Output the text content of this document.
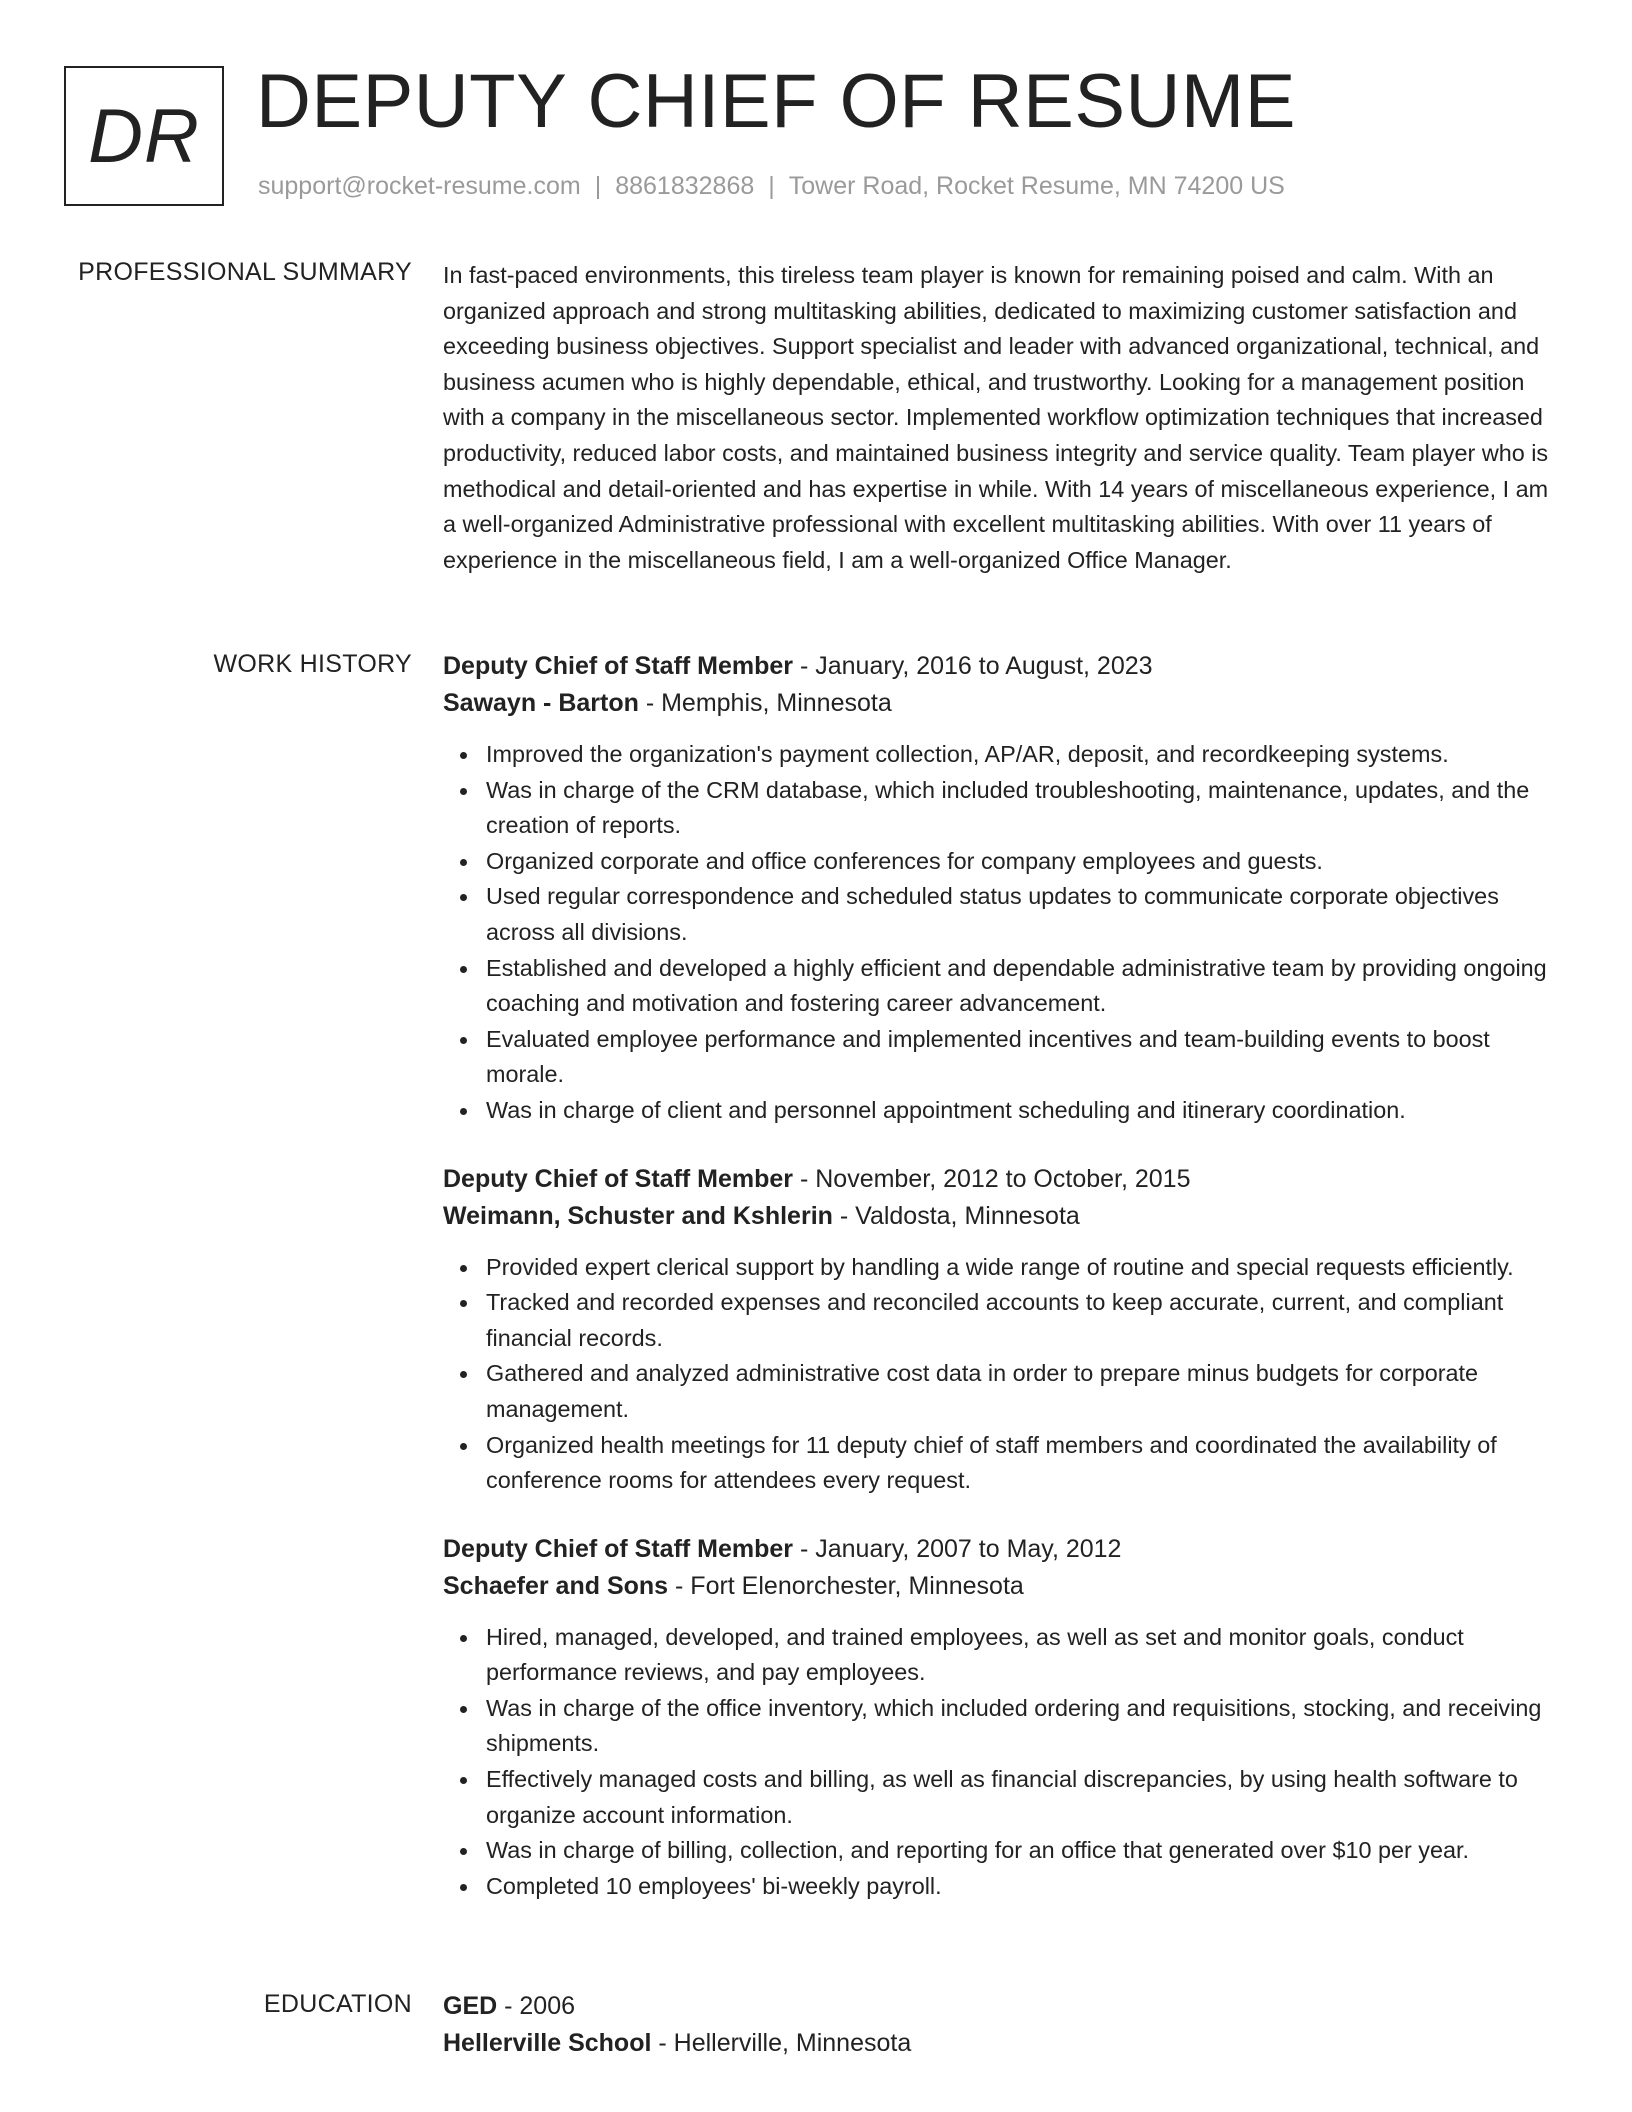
DR DEPUTY CHIEF OF RESUME
support@rocket-resume.com | 8861832868 | Tower Road, Rocket Resume, MN 74200 US
PROFESSIONAL SUMMARY In fast-paced environments, this tireless team player is known for remaining poised and calm. With an organized approach and strong multitasking abilities, dedicated to maximizing customer satisfaction and exceeding business objectives. Support specialist and leader with advanced organizational, technical, and business acumen who is highly dependable, ethical, and trustworthy. Looking for a management position with a company in the miscellaneous sector. Implemented workflow optimization techniques that increased productivity, reduced labor costs, and maintained business integrity and service quality. Team player who is methodical and detail-oriented and has expertise in while. With 14 years of miscellaneous experience, I am a well-organized Administrative professional with excellent multitasking abilities. With over 11 years of experience in the miscellaneous field, I am a well-organized Office Manager.

WORK HISTORY Deputy Chief of Staff Member - January, 2016 to August, 2023

Sawayn - Barton - Memphis, Minnesota

Improved the organization's payment collection, AP/AR, deposit, and recordkeeping systems.
Was in charge of the CRM database, which included troubleshooting, maintenance, updates, and the creation of reports.
Organized corporate and office conferences for company employees and guests.
Used regular correspondence and scheduled status updates to communicate corporate objectives across all divisions.
Established and developed a highly efficient and dependable administrative team by providing ongoing coaching and motivation and fostering career advancement.
Evaluated employee performance and implemented incentives and team-building events to boost morale.
Was in charge of client and personnel appointment scheduling and itinerary coordination.

Deputy Chief of Staff Member - November, 2012 to October, 2015

Weimann, Schuster and Kshlerin - Valdosta, Minnesota

Provided expert clerical support by handling a wide range of routine and special requests efficiently.
Tracked and recorded expenses and reconciled accounts to keep accurate, current, and compliant financial records.
Gathered and analyzed administrative cost data in order to prepare minus budgets for corporate management.
Organized health meetings for 11 deputy chief of staff members and coordinated the availability of conference rooms for attendees every request.

Deputy Chief of Staff Member - January, 2007 to May, 2012

Schaefer and Sons - Fort Elenorchester, Minnesota

Hired, managed, developed, and trained employees, as well as set and monitor goals, conduct performance reviews, and pay employees.
Was in charge of the office inventory, which included ordering and requisitions, stocking, and receiving shipments.
Effectively managed costs and billing, as well as financial discrepancies, by using health software to organize account information.
Was in charge of billing, collection, and reporting for an office that generated over $10 per year.
Completed 10 employees' bi-weekly payroll.
EDUCATION GED - 2006

Hellerville School - Hellerville, Minnesota
